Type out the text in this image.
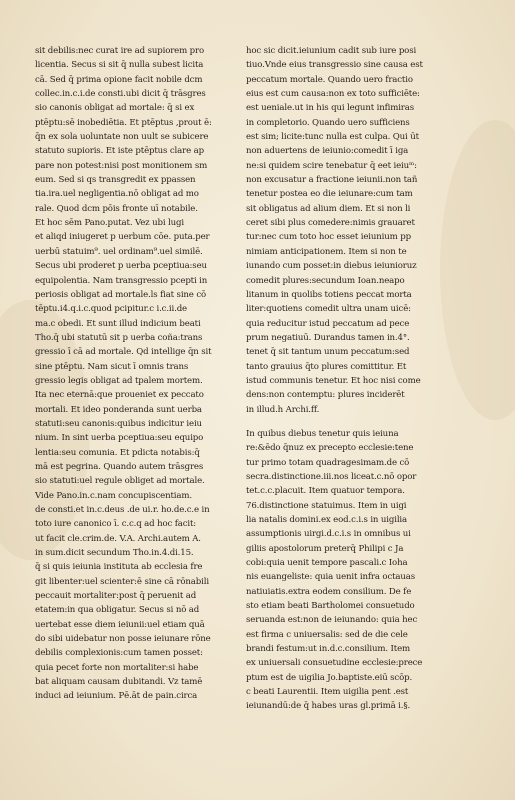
sit debilis:nec curat ire ad supiorem pro
licentia. Secus si sit q̄ nulla subest licita
cā. Sed q̄ prima opione facit nobile dcm
collec.in.c.i.de consti.ubi dicit q̄ trāsgres
sio canonis obligat ad mortale: q̄ si ex
ptēptu:sē inobediētia. Et ptēptus ,prout ē:
q̄n ex sola uoluntate non uult se subicere
statuto supioris. Et iste ptēptus clare ap
pare non potest:nisi post monitionem sm
eum. Sed si qs transgredit ex ppassen
tia.ira.uel negligentia.nō obligat ad mo
rale. Quod dcm pōis fronte uī notabile.
Et hoc sēm Pano.putat. Vez ubi lugi
et aliqd iniugeret p uerbum cōe. puta.per
uerbū statuim⁹. uel ordinam⁹.uel similē.
Secus ubi proderet p uerba pceptiua:seu
equipolentia. Nam transgressio pcepti in
periosis obligat ad mortale.ls fiat sine cō
tēptu.i4.q.i.c.quod pcipitur.c i.c.ii.de
ma.c obedi. Et sunt illud indicium beati
Tho.q̄ ubi statutū sit p uerba coña:trans
gressio ī cā ad mortale. Qd intellige q̄n sit
sine ptēptu. Nam sicut ī omnis trans
gressio legis obligat ad tpalem mortem.
Ita nec eternā:que proueniet ex peccato
mortali. Et ideo ponderanda sunt uerba
statuti:seu canonis:quibus indicitur ieiu
nium. In sint uerba pceptiua:seu equipo
lentia:seu comunia. Et pdicta notabis:q̄
mā est pegrina. Quando autem trāsgres
sio statuti:uel regule obliget ad mortale.
Vide Pano.in.c.nam concupiscentiam.
de consti.et in.c.deus .de ui.r. ho.de.c.e in
toto iure canonico ī. c.c.q ad hoc facit:
ut facit cle.crim.de. V.A. Archi.autem A.
in sum.dicit secundum Tho.in.4.di.15.
q̄ si quis ieiunia instituta ab ecclesia fre
git libenter:uel scienter:ē sine cā rōnabili
peccauit mortaliter:post q̄ peruenit ad
etatem:in qua obligatur. Secus si nō ad
uertebat esse diem ieiunii:uel etiam quā
do sibi uidebatur non posse ieiunare rōne
debilis complexionis:cum tamen posset:
quia pecet forte non mortaliter:si habe
bat aliquam causam dubitandi. Vz tamē
induci ad ieiunium. Pē.āt de pain.circa
hoc sic dicit.ieiunium cadit sub iure posi
tiuo.Vnde eius transgressio sine causa est
peccatum mortale. Quando uero fractio
eius est cum causa:non ex toto sufficiēte:
est ueniale.ut in his qui legunt infimiras
in completorio. Quando uero sufficiens
est sim; licite:tunc nulla est culpa. Qui ūt
non aduertens de ieiunio:comedit ī iga
ne:si quidem scire tenebatur q̄ eet ieiuᵐ:
non excusatur a fractione ieiunii.non tañ
tenetur postea eo die ieiunare:cum tam
sit obligatus ad alium diem. Et si non li
ceret sibi plus comedere:nimis grauaret
tur:nec cum toto hoc esset ieiunium pp
nimiam anticipationem. Item si non te
iunando cum posset:in diebus ieiunioruz
comedit plures:secundum Ioan.neapo
litanum in quolibs totiens peccat morta
liter:quotiens comedit ultra unam uicē:
quia reducitur istud peccatum ad pece
prum negatiuū. Durandus tamen in.4°.
tenet q̄ sit tantum unum peccatum:sed
tanto grauius q̄to plures comittitur. Et
istud communis tenetur. Et hoc nisi come
dens:non contemptu: plures inciderēt
in illud.h Archi.ff.
In quibus diebus tenetur quis ieiuna
re:&ēdo q̄nuz ex precepto ecclesie:tene
tur primo totam quadragesimam.de cō
secra.distinctione.iii.nos liceat.c.nō opor
tet.c.c.placuit. Item quatuor tempora.
76.distinctione statuimus. Item in uigi
lia natalis domini.ex eod.c.i.s in uigilia
assumptionis uirgi.d.c.i.s in omnibus ui
giliis apostolorum preterq̄ Philipi c Ja
cobi:quia uenit tempore pascali.c Ioha
nis euangeliste: quia uenit infra octauas
natiuiatis.extra eodem consilium. De fe
sto etiam beati Bartholomei consuetudo
seruanda est:non de ieiunando: quia hec
est firma c uniuersalis: sed de die cele
brandi festum:ut in.d.c.consilium. Item
ex uniuersali consuetudine ecclesie:prece
ptum est de uigilia Jo.baptiste.eiū scōp.
c beati Laurentii. Item uigilia pent .est
ieiunandū:de q̄ habes uras gl.primā i.§.
